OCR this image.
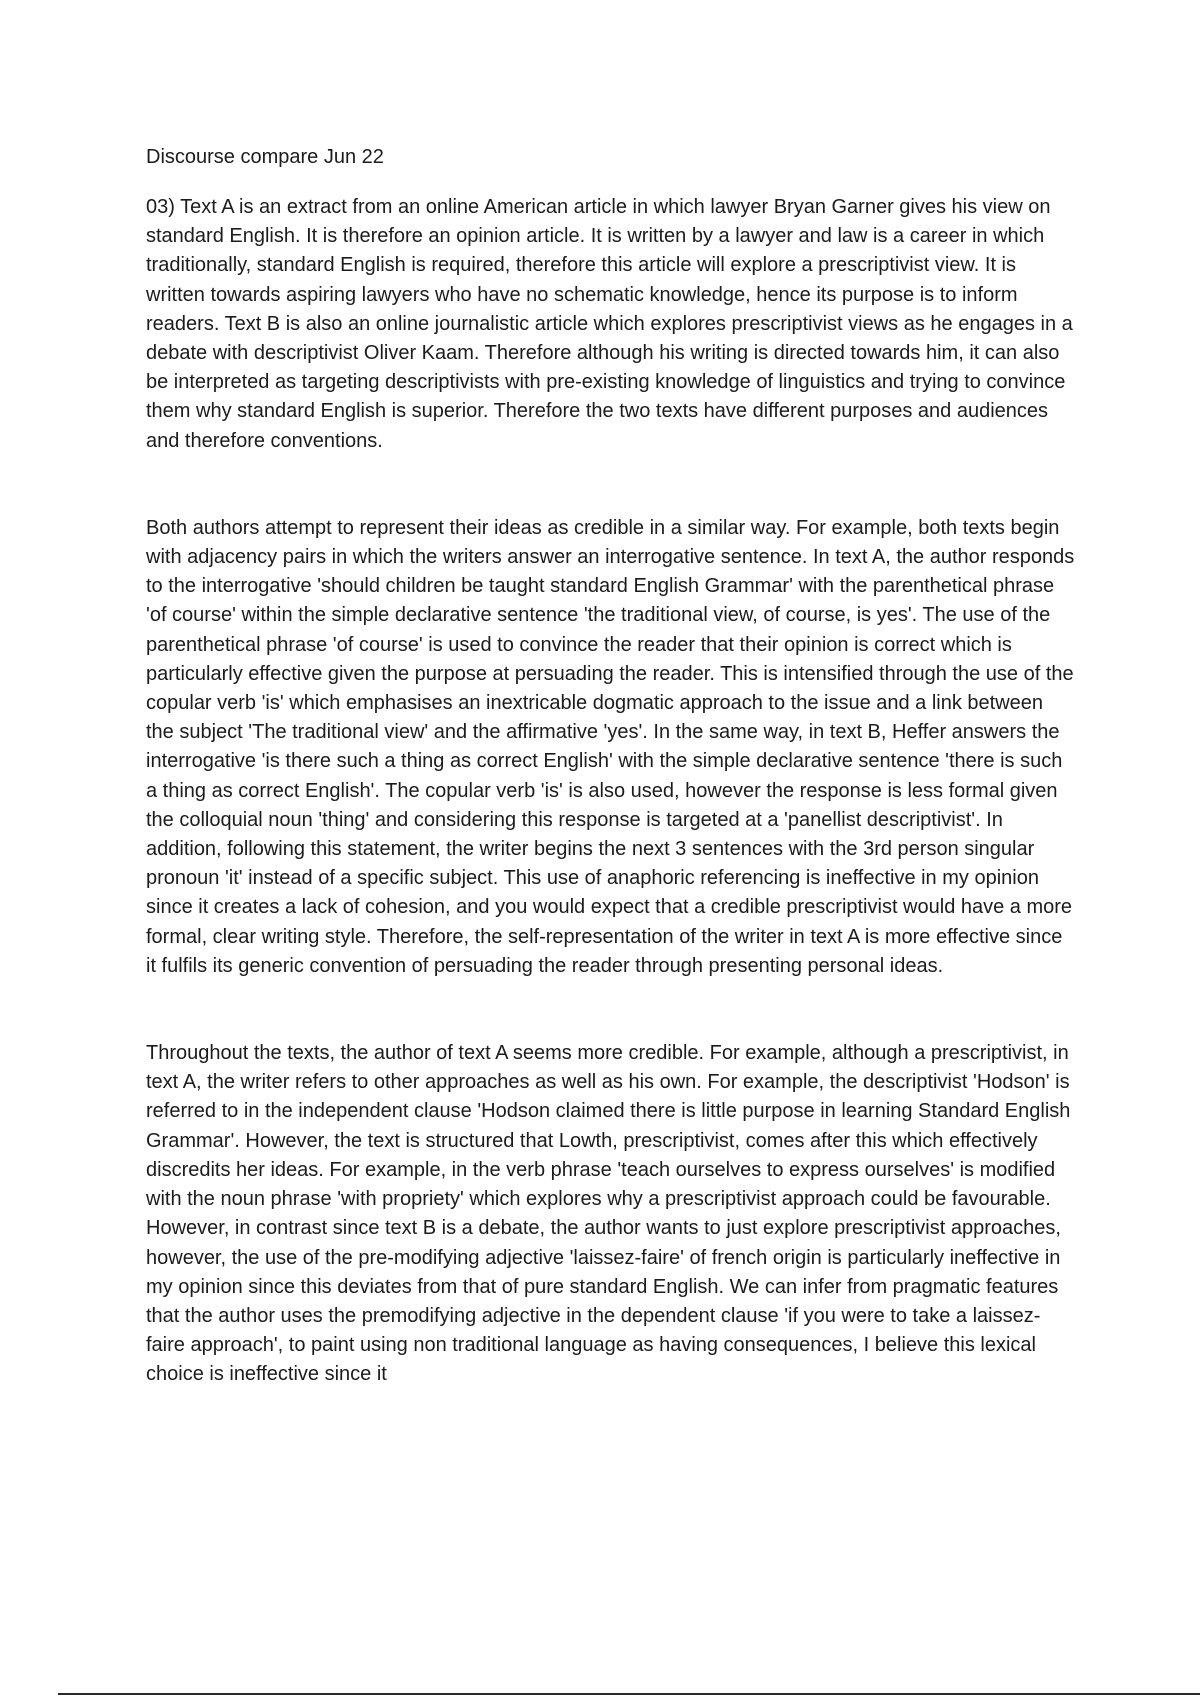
Discourse compare Jun 22

03) Text A is an extract from an online American article in which lawyer Bryan Garner gives his view on standard English. It is therefore an opinion article. It is written by a lawyer and law is a career in which traditionally, standard English is required, therefore this article will explore a prescriptivist view. It is written towards aspiring lawyers who have no schematic knowledge, hence its purpose is to inform readers. Text B is also an online journalistic article which explores prescriptivist views as he engages in a debate with descriptivist Oliver Kaam. Therefore although his writing is directed towards him, it can also be interpreted as targeting descriptivists with pre-existing knowledge of linguistics and trying to convince them why standard English is superior. Therefore the two texts have different purposes and audiences and therefore conventions.

Both authors attempt to represent their ideas as credible in a similar way. For example, both texts begin with adjacency pairs in which the writers answer an interrogative sentence. In text A, the author responds to the interrogative 'should children be taught standard English Grammar' with the parenthetical phrase 'of course' within the simple declarative sentence 'the traditional view, of course, is yes'. The use of the parenthetical phrase 'of course' is used to convince the reader that their opinion is correct which is particularly effective given the purpose at persuading the reader. This is intensified through the use of the copular verb 'is' which emphasises an inextricable dogmatic approach to the issue and a link between the subject 'The traditional view' and the affirmative 'yes'. In the same way, in text B, Heffer answers the interrogative 'is there such a thing as correct English' with the simple declarative sentence 'there is such a thing as correct English'. The copular verb 'is' is also used, however the response is less formal given the colloquial noun 'thing' and considering this response is targeted at a 'panellist descriptivist'. In addition, following this statement, the writer begins the next 3 sentences with the 3rd person singular pronoun 'it' instead of a specific subject. This use of anaphoric referencing is ineffective in my opinion since it creates a lack of cohesion, and you would expect that a credible prescriptivist would have a more formal, clear writing style. Therefore, the self-representation of the writer in text A is more effective since it fulfils its generic convention of persuading the reader through presenting personal ideas.

Throughout the texts, the author of text A seems more credible. For example, although a prescriptivist, in text A, the writer refers to other approaches as well as his own. For example, the descriptivist 'Hodson' is referred to in the independent clause 'Hodson claimed there is little purpose in learning Standard English Grammar'. However, the text is structured that Lowth, prescriptivist, comes after this which effectively discredits her ideas. For example, in the verb phrase 'teach ourselves to express ourselves' is modified with the noun phrase 'with propriety' which explores why a prescriptivist approach could be favourable. However, in contrast since text B is a debate, the author wants to just explore prescriptivist approaches, however, the use of the pre-modifying adjective 'laissez-faire' of french origin is particularly ineffective in my opinion since this deviates from that of pure standard English. We can infer from pragmatic features that the author uses the premodifying adjective in the dependent clause 'if you were to take a laissez-faire approach', to paint using non traditional language as having consequences, I believe this lexical choice is ineffective since it
